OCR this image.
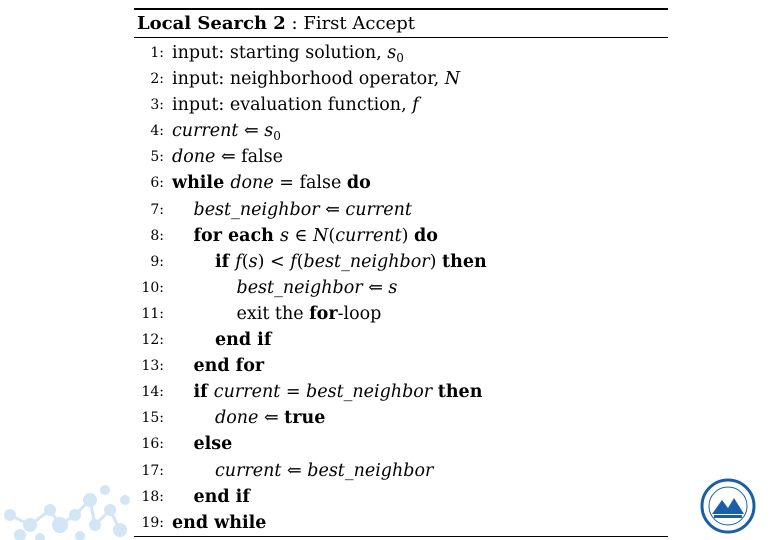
Local Search 2 : First Accept
1: input: starting solution, $s_0$
2: input: neighborhood operator, N
3: input: evaluation function, f
4: current ⇐ $s_0$
5: done ⇐ false
6: while done = false do
7: best_neighbor ⇐ current
8: for each s ∈ N(current) do
9:	if f(s) < f(best_neighbor) then
10:	best_neighbor ⇐ s
11:	exit the for-loop
12:	end if
13: end for
14: if current = best_neighbor then
15:	done ⇐ true
16: else
17:	current ⇐ best_neighbor
18: end if
19: end while
